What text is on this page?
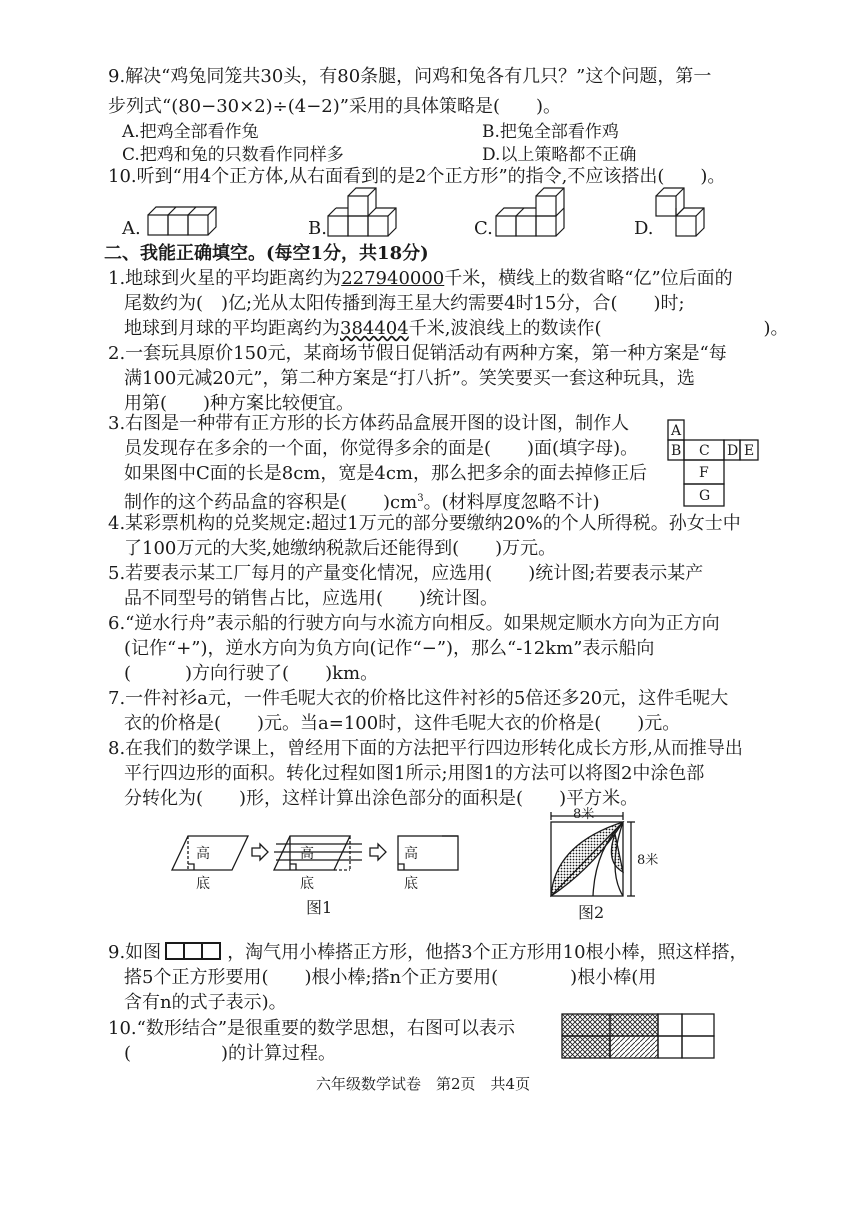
9.解决“鸡兔同笼共30头，有80条腿，问鸡和兔各有几只？”这个问题，第一
步列式“(80−30×2)÷(4−2)”采用的具体策略是(　　)。
A.把鸡全部看作兔	B.把兔全部看作鸡
C.把鸡和兔的只数看作同样多	D.以上策略都不正确
10.听到“用4个正方体,从右面看到的是2个正方形”的指令,不应该搭出(　　)。
A.	B.	C.	D.
二、我能正确填空。(每空1分，共18分)
1.地球到火星的平均距离约为227940000千米，横线上的数省略“亿”位后面的
尾数约为(　)亿;光从太阳传播到海王星大约需要4时15分，合(　　)时;
地球到月球的平均距离约为384404千米,波浪线上的数读作(　　　　　　　　　)。
2.一套玩具原价150元，某商场节假日促销活动有两种方案，第一种方案是“每
满100元减20元”，第二种方案是“打八折”。笑笑要买一套这种玩具，选
用第(　　)种方案比较便宜。
3.右图是一种带有正方形的长方体药品盒展开图的设计图，制作人
员发现存在多余的一个面，你觉得多余的面是(　　)面(填字母)。
如果图中C面的长是8cm，宽是4cm，那么把多余的面去掉修正后
制作的这个药品盒的容积是(　　)$cm^3$。(材料厚度忽略不计)
A
B C D E
F
G
4.某彩票机构的兑奖规定:超过1万元的部分要缴纳20%的个人所得税。孙女士中
了100万元的大奖,她缴纳税款后还能得到(　　)万元。
5.若要表示某工厂每月的产量变化情况，应选用(　　)统计图;若要表示某产
品不同型号的销售占比，应选用(　　)统计图。
6.“逆水行舟”表示船的行驶方向与水流方向相反。如果规定顺水方向为正方向
(记作“+”)，逆水方向为负方向(记作“−”)，那么“-12km”表示船向
(　　　)方向行驶了(　　)km。
7.一件衬衫a元，一件毛呢大衣的价格比这件衬衫的5倍还多20元，这件毛呢大
衣的价格是(　　)元。当a=100时，这件毛呢大衣的价格是(　　)元。
8.在我们的数学课上，曾经用下面的方法把平行四边形转化成长方形,从而推导出
平行四边形的面积。转化过程如图1所示;用图1的方法可以将图2中涂色部
分转化为(　　)形，这样计算出涂色部分的面积是(　　)平方米。
高
底
高
底
高
底
图1
8米
8米
图2
9.如图	，淘气用小棒搭正方形，他搭3个正方形用10根小棒，照这样搭，
搭5个正方形要用(　　)根小棒;搭n个正方要用(　　　　)根小棒(用
含有n的式子表示)。
10.“数形结合”是很重要的数学思想，右图可以表示
(　　　　　)的计算过程。
六年级数学试卷　第2页　共4页
